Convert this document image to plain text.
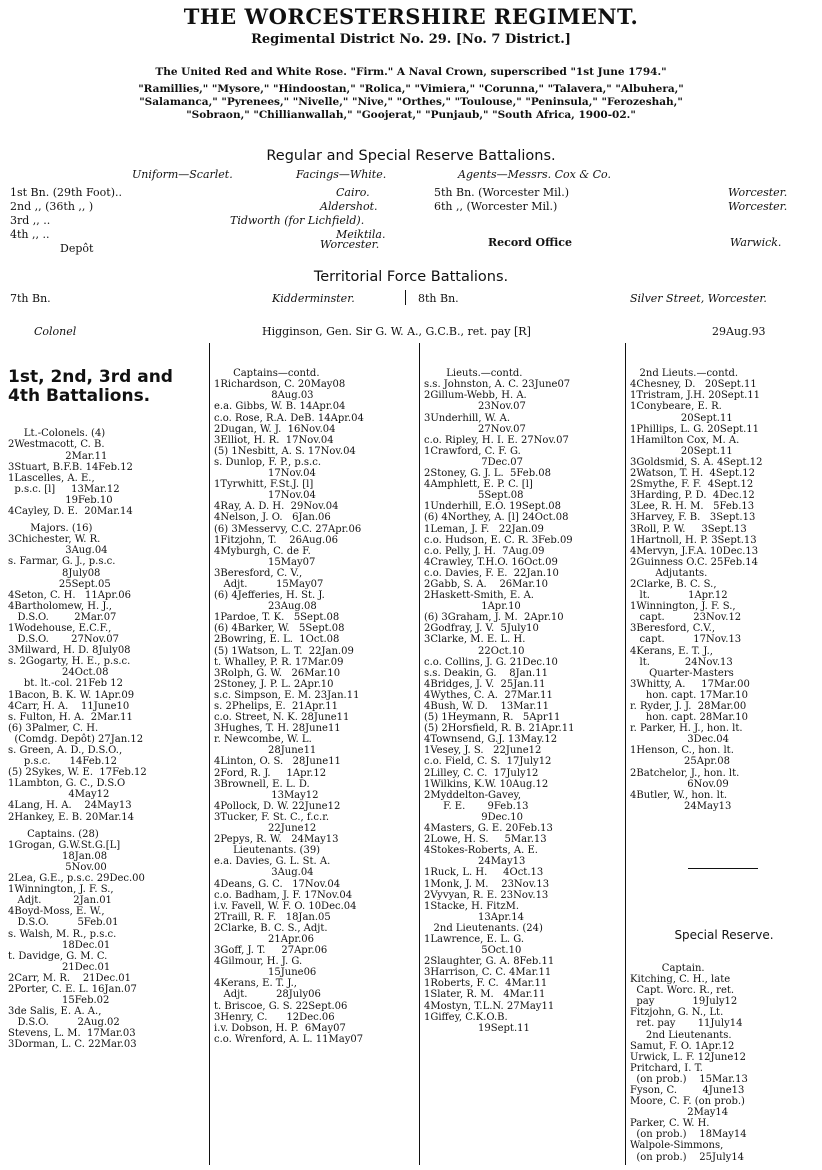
THE WORCESTERSHIRE REGIMENT.
Regimental District No. 29. [No. 7 District.]
The United Red and White Rose. "Firm." A Naval Crown, superscribed "1st June 1794."
"Ramillies," "Mysore," "Hindoostan," "Rolica," "Vimiera," "Corunna," "Talavera," "Albuhera,"
"Salamanca," "Pyrenees," "Nivelle," "Nive," "Orthes," "Toulouse," "Peninsula," "Ferozeshah,"
"Sobraon," "Chillianwallah," "Goojerat," "Punjaub," "South Africa, 1900-02."
Regular and Special Reserve Battalions.
Uniform—Scarlet.	Facings—White.	Agents—Messrs. Cox & Co.
1st Bn. (29th Foot)..	Cairo.
2nd ,, (36th ,, )	Aldershot.
3rd ,, ..	Tidworth (for Lichfield).
4th ,, ..	Meiktila.
Depôt	Worcester.
5th Bn. (Worcester Mil.)	Worcester.
6th ,, (Worcester Mil.)	Worcester.
Record Office	Warwick.
Territorial Force Battalions.
7th Bn.	Kidderminster.	8th Bn.	Silver Street, Worcester.
Colonel	Higginson, Gen. Sir G. W. A., G.C.B., ret. pay [R]	29Aug.93

1st, 2nd, 3rd and 4th Battalions.

Lt.-Colonels. (4)
2Westmacott, C. B.
2Mar.11
3Stuart, B.F.B. 14Feb.12
1Lascelles, A. E.,
p.s.c. [l]     13Mar.12
19Feb.10
4Cayley, D. E.  20Mar.14
Majors. (16)
3Chichester, W. R.
3Aug.04
s. Farmar, G. J., p.s.c.
8July08
25Sept.05
4Seton, C. H.   11Apr.06
4Bartholomew, H. J.,
D.S.O.        2Mar.07
1Wodehouse, E.C.F.,
D.S.O.       27Nov.07
3Milward, H. D. 8July08
s. 2Gogarty, H. E., p.s.c.
24Oct.08
bt. lt.-col. 21Feb 12
1Bacon, B. K. W. 1Apr.09
4Carr, H. A.    11June10
s. Fulton, H. A.  2Mar.11
(6) 3Palmer, C. H.
(Comdg. Depôt) 27Jan.12
s. Green, A. D., D.S.O.,
p.s.c.      14Feb.12
(5) 2Sykes, W. E.  17Feb.12
1Lambton, G. C., D.S.O
4May12
4Lang, H. A.    24May13
2Hankey, E. B. 20Mar.14
Captains. (28)
1Grogan, G.W.St.G.[L]
18Jan.08
5Nov.00
2Lea, G.E., p.s.c. 29Dec.00
1Winnington, J. F. S.,
Adjt.          2Jan.01
4Boyd-Moss, E. W.,
D.S.O.         5Feb.01
s. Walsh, M. R., p.s.c.
18Dec.01
t. Davidge, G. M. C.
21Dec.01
2Carr, M. R.    21Dec.01
2Porter, C. E. L. 16Jan.07
15Feb.02
3de Salis, E. A. A.,
D.S.O.         2Aug.02
Stevens, L. M.  17Mar.03
3Dorman, L. C. 22Mar.03

Captains—contd.
1Richardson, C. 20May08
8Aug.03
e.a. Gibbs, W. B. 14Apr.04
c.o. Rose, R.A. DeB. 14Apr.04
2Dugan, W. J.  16Nov.04
3Elliot, H. R.  17Nov.04
(5) 1Nesbitt, A. S. 17Nov.04
s. Dunlop, F. P., p.s.c.
17Nov.04
1Tyrwhitt, F.St.J. [l]
17Nov.04
4Ray, A. D. H.  29Nov.04
4Nelson, J. O.   6Jan.06
(6) 3Messervy, C.C. 27Apr.06
1Fitzjohn, T.    26Aug.06
4Myburgh, C. de F.
15May07
3Beresford, C. V.,
Adjt.         15May07
(6) 4Jefferies, H. St. J.
23Aug.08
1Pardoe, T. K.   5Sept.08
(6) 4Barker, W.   5Sept.08
2Bowring, E. L.  1Oct.08
(5) 1Watson, L. T.  22Jan.09
t. Whalley, P. R. 17Mar.09
3Rolph, G. W.   26Mar.10
2Stoney, J. P. L. 2Apr.10
s.c. Simpson, E. M. 23Jan.11
s. 2Phelips, E.  21Apr.11
c.o. Street, N. K. 28June11
3Hughes, T. H. 28June11
r. Newcombe, W. L.
28June11
4Linton, O. S.   28June11
2Ford, R. J.     1Apr.12
3Brownell, E. L. D.
13May12
4Pollock, D. W. 22June12
3Tucker, F. St. C., f.c.r.
22June12
2Pepys, R. W.   24May13
Lieutenants. (39)
e.a. Davies, G. L. St. A.
3Aug.04
4Deans, G. C.   17Nov.04
c.o. Badham, J. F. 17Nov.04
i.v. Favell, W. F. O. 10Dec.04
2Traill, R. F.   18Jan.05
2Clarke, B. C. S., Adjt.
21Apr.06
3Goff, J. T.     27Apr.06
4Gilmour, H. J. G.
15June06
4Kerans, E. T. J.,
Adjt.         28July06
t. Briscoe, G. S. 22Sept.06
3Henry, C.      12Dec.06
i.v. Dobson, H. P.  6May07
c.o. Wrenford, A. L. 11May07

Lieuts.—contd.
s.s. Johnston, A. C. 23June07
2Gillum-Webb, H. A.
23Nov.07
3Underhill, W. A.
27Nov.07
c.o. Ripley, H. I. E. 27Nov.07
1Crawford, C. F. G.
7Dec.07
2Stoney, G. J. L.  5Feb.08
4Amphlett, E. P. C. [l]
5Sept.08
1Underhill, E.O. 19Sept.08
(6) 4Northey, A. [l] 24Oct.08
1Leman, J. F.   22Jan.09
c.o. Hudson, E. C. R. 3Feb.09
c.o. Pelly, J. H.  7Aug.09
4Crawley, T.H.O. 16Oct.09
c.o. Davies, F. E.  22Jan.10
2Gabb, S. A.    26Mar.10
2Haskett-Smith, E. A.
1Apr.10
(6) 3Graham, J. M.  2Apr.10
2Godfray, J. V.  5July10
3Clarke, M. E. L. H.
22Oct.10
c.o. Collins, J. G. 21Dec.10
s.s. Deakin, G.    8Jan.11
4Bridges, J. V.  25Jan.11
4Wythes, C. A.  27Mar.11
4Bush, W. D.    13Mar.11
(5) 1Heymann, R.   5Apr11
(5) 2Horsfield, R. B. 21Apr.11
4Townsend, G.J. 13May.12
1Vesey, J. S.   22June12
c.o. Field, C. S.  17July12
2Lilley, C. C.  17July12
1Wilkins, K.W. 10Aug.12
2Myddelton-Gavey,
F. E.       9Feb.13
9Dec.10
4Masters, G. E. 20Feb.13
2Lowe, H. S.     5Mar.13
4Stokes-Roberts, A. E.
24May13
1Ruck, L. H.     4Oct.13
1Monk, J. M.    23Nov.13
2Vyvyan, R. E. 23Nov.13
1Stacke, H. FitzM.
13Apr.14
2nd Lieutenants. (24)
1Lawrence, E. L. G.
5Oct.10
2Slaughter, G. A. 8Feb.11
3Harrison, C. C. 4Mar.11
1Roberts, F. C.  4Mar.11
1Slater, R. M.   4Mar.11
4Mostyn, T.L.N. 27May11
1Giffey, C.K.O.B.
19Sept.11

2nd Lieuts.—contd.
4Chesney, D.   20Sept.11
1Tristram, J.H. 20Sept.11
1Conybeare, E. R.
20Sept.11
1Phillips, L. G. 20Sept.11
1Hamilton Cox, M. A.
20Sept.11
3Goldsmid, S. A. 4Sept.12
2Watson, T. H.  4Sept.12
2Smythe, F. F.  4Sept.12
3Harding, P. D.  4Dec.12
3Lee, R. H. M.   5Feb.13
3Harvey, F. B.   3Sept.13
3Roll, P. W.     3Sept.13
1Hartnoll, H. P. 3Sept.13
4Mervyn, J.F.A. 10Dec.13
2Guinness O.C. 25Feb.14
Adjutants.
2Clarke, B. C. S.,
lt.            1Apr.12
1Winnington, J. F. S.,
capt.         23Nov.12
3Beresford, C.V.,
capt.         17Nov.13
4Kerans, E. T. J.,
lt.           24Nov.13
Quarter-Masters
3Whitty, A.     17Mar.00
hon. capt. 17Mar.10
r. Ryder, J. J.  28Mar.00
hon. capt. 28Mar.10
r. Parker, H. J., hon. lt.
3Dec.04
1Henson, C., hon. lt.
25Apr.08
2Batchelor, J., hon. lt.
6Nov.09
4Butler, W., hon. lt.
24May13

Special Reserve.

Captain.
Kitching, C. H., late
Capt. Worc. R., ret.
pay            19July12
Fitzjohn, G. N., Lt.
ret. pay       11July14
2nd Lieutenants.
Samut, F. O. 1Apr.12
Urwick, L. F. 12June12
Pritchard, I. T.
(on prob.)    15Mar.13
Fyson, C.        4June13
Moore, C. F. (on prob.)
2May14
Parker, C. W. H.
(on prob.)    18May14
Walpole-Simmons,
(on prob.)    25July14
